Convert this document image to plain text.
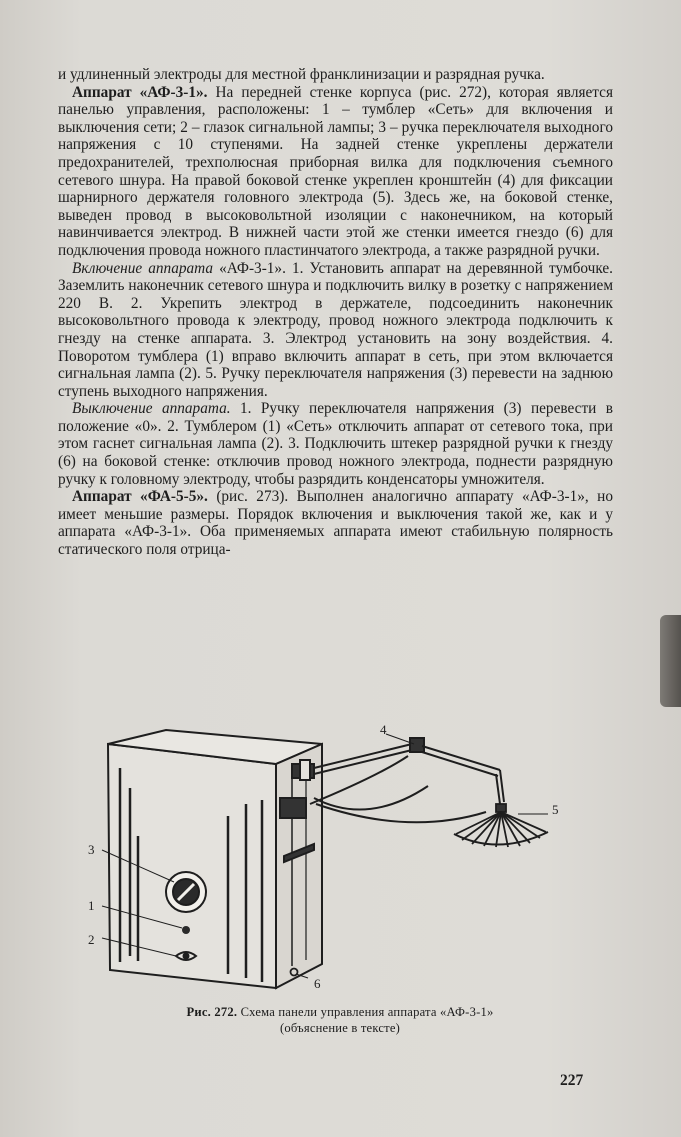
и удлиненный электроды для местной франклинизации и разрядная ручка.

Аппарат «АФ-3-1». На передней стенке корпуса (рис. 272), которая является панелью управления, расположены: 1 – тумблер «Сеть» для включения и выключения сети; 2 – глазок сигнальной лампы; 3 – ручка переключателя выходного напряжения с 10 ступенями. На задней стенке укреплены держатели предохранителей, трехполюсная приборная вилка для подключения съемного сетевого шнура. На правой боковой стенке укреплен кронштейн (4) для фиксации шарнирного держателя головного электрода (5). Здесь же, на боковой стенке, выведен провод в высоковольтной изоляции с наконечником, на который навинчивается электрод. В нижней части этой же стенки имеется гнездо (6) для подключения провода ножного пластинчатого электрода, а также разрядной ручки.

Включение аппарата «АФ-3-1». 1. Установить аппарат на деревянной тумбочке. Заземлить наконечник сетевого шнура и подключить вилку в розетку с напряжением 220 В. 2. Укрепить электрод в держателе, подсоединить наконечник высоковольтного провода к электроду, провод ножного электрода подключить к гнезду на стенке аппарата. 3. Электрод установить на зону воздействия. 4. Поворотом тумблера (1) вправо включить аппарат в сеть, при этом включается сигнальная лампа (2). 5. Ручку переключателя напряжения (3) перевести на заднюю ступень выходного напряжения.

Выключение аппарата. 1. Ручку переключателя напряжения (3) перевести в положение «0». 2. Тумблером (1) «Сеть» отключить аппарат от сетевого тока, при этом гаснет сигнальная лампа (2). 3. Подключить штекер разрядной ручки к гнезду (6) на боковой стенке: отключив провод ножного электрода, поднести разрядную ручку к головному электроду, чтобы разрядить конденсаторы умножителя.

Аппарат «ФА-5-5». (рис. 273). Выполнен аналогично аппарату «АФ-3-1», но имеет меньшие размеры. Порядок включения и выключения такой же, как и у аппарата «АФ-3-1». Оба применяемых аппарата имеют стабильную полярность статического поля отрица-

3
1
2
4
5
6
Рис. 272. Схема панели управления аппарата «АФ-3-1»
(объяснение в тексте)
227
